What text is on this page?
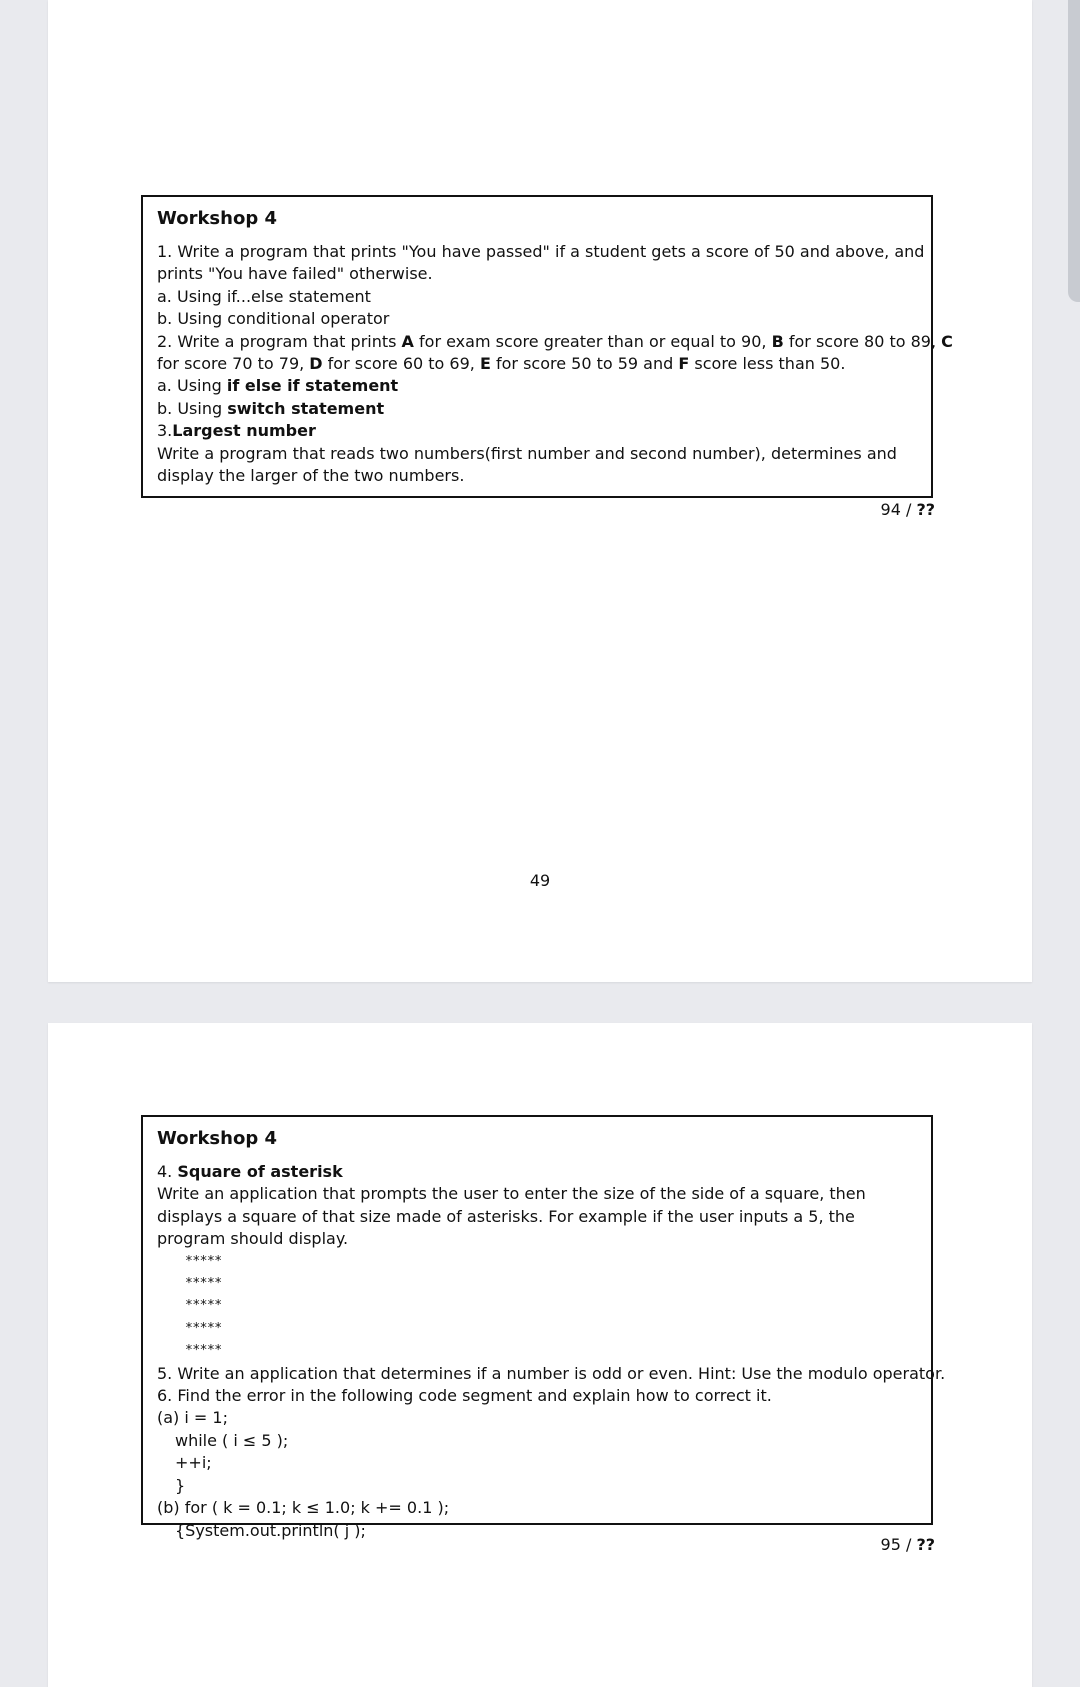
Workshop 4
1. Write a program that prints "You have passed" if a student gets a score of 50 and above, and
prints "You have failed" otherwise.
a. Using if...else statement
b. Using conditional operator
2. Write a program that prints A for exam score greater than or equal to 90, B for score 80 to 89, C
for score 70 to 79, D for score 60 to 69, E for score 50 to 59 and F score less than 50.
a. Using if else if statement
b. Using switch statement
3.Largest number
Write a program that reads two numbers(first number and second number), determines and display the larger of the two numbers.
94 / ??
49
Workshop 4
4. Square of asterisk
Write an application that prompts the user to enter the size of the side of a square, then displays a square of that size made of asterisks. For example if the user inputs a 5, the program should display.
*****
*****
*****
*****
*****
5. Write an application that determines if a number is odd or even. Hint: Use the modulo operator.
6. Find the error in the following code segment and explain how to correct it.
(a) i = 1;
while ( i ≤ 5 );
++i;
}
(b) for ( k = 0.1; k ≤ 1.0; k += 0.1 );
{System.out.println( j );
95 / ??
